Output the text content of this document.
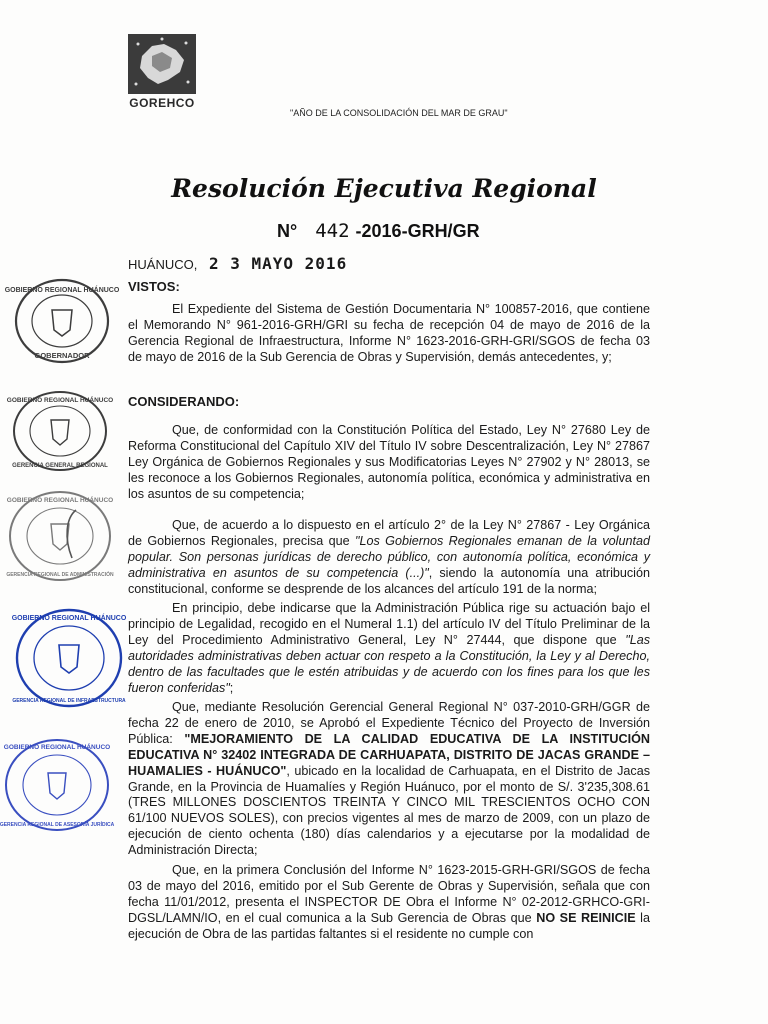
GOREHCO
"AÑO DE LA CONSOLIDACIÓN DEL MAR DE GRAU"
Resolución Ejecutiva Regional
N° 442 -2016-GRH/GR
HUÁNUCO, 2 3 MAYO 2016
VISTOS:
El Expediente del Sistema de Gestión Documentaria N° 100857-2016, que contiene el Memorando N° 961-2016-GRH/GRI su fecha de recepción 04 de mayo de 2016 de la Gerencia Regional de Infraestructura, Informe N° 1623-2016-GRH-GRI/SGOS de fecha 03 de mayo de 2016 de la Sub Gerencia de Obras y Supervisión, demás antecedentes, y;
CONSIDERANDO:
Que, de conformidad con la Constitución Política del Estado, Ley N° 27680 Ley de Reforma Constitucional del Capítulo XIV del Título IV sobre Descentralización, Ley N° 27867 Ley Orgánica de Gobiernos Regionales y sus Modificatorias Leyes N° 27902 y N° 28013, se les reconoce a los Gobiernos Regionales, autonomía política, económica y administrativa en los asuntos de su competencia;
Que, de acuerdo a lo dispuesto en el artículo 2° de la Ley N° 27867 - Ley Orgánica de Gobiernos Regionales, precisa que "Los Gobiernos Regionales emanan de la voluntad popular. Son personas jurídicas de derecho público, con autonomía política, económica y administrativa en asuntos de su competencia (...)", siendo la autonomía una atribución constitucional, conforme se desprende de los alcances del artículo 191 de la norma;
En principio, debe indicarse que la Administración Pública rige su actuación bajo el principio de Legalidad, recogido en el Numeral 1.1) del artículo IV del Título Preliminar de la Ley del Procedimiento Administrativo General, Ley N° 27444, que dispone que "Las autoridades administrativas deben actuar con respeto a la Constitución, la Ley y al Derecho, dentro de las facultades que le estén atribuidas y de acuerdo con los fines para los que les fueron conferidas";
Que, mediante Resolución Gerencial General Regional N° 037-2010-GRH/GGR de fecha 22 de enero de 2010, se Aprobó el Expediente Técnico del Proyecto de Inversión Pública: "MEJORAMIENTO DE LA CALIDAD EDUCATIVA DE LA INSTITUCIÓN EDUCATIVA N° 32402 INTEGRADA DE CARHUAPATA, DISTRITO DE JACAS GRANDE – HUAMALIES - HUÁNUCO", ubicado en la localidad de Carhuapata, en el Distrito de Jacas Grande, en la Provincia de Huamalíes y Región Huánuco, por el monto de S/. 3'235,308.61 (TRES MILLONES DOSCIENTOS TREINTA Y CINCO MIL TRESCIENTOS OCHO CON 61/100 NUEVOS SOLES), con precios vigentes al mes de marzo de 2009, con un plazo de ejecución de ciento ochenta (180) días calendarios y a ejecutarse por la modalidad de Administración Directa;
Que, en la primera Conclusión del Informe N° 1623-2015-GRH-GRI/SGOS de fecha 03 de mayo del 2016, emitido por el Sub Gerente de Obras y Supervisión, señala que con fecha 11/01/2012, presenta el INSPECTOR DE Obra el Informe N° 02-2012-GRHCO-GRI-DGSL/LAMN/IO, en el cual comunica a la Sub Gerencia de Obras que NO SE REINICIE la ejecución de Obra de las partidas faltantes si el residente no cumple con
GOBIERNO REGIONAL HUÁNUCO
GOBERNADOR
GOBIERNO REGIONAL HUÁNUCO
GERENCIA GENERAL REGIONAL
GOBIERNO REGIONAL HUÁNUCO
GERENCIA REGIONAL DE ADMINISTRACIÓN
GOBIERNO REGIONAL HUÁNUCO
GERENCIA REGIONAL DE INFRAESTRUCTURA
GOBIERNO REGIONAL HUÁNUCO
GERENCIA REGIONAL DE ASESORÍA JURÍDICA
